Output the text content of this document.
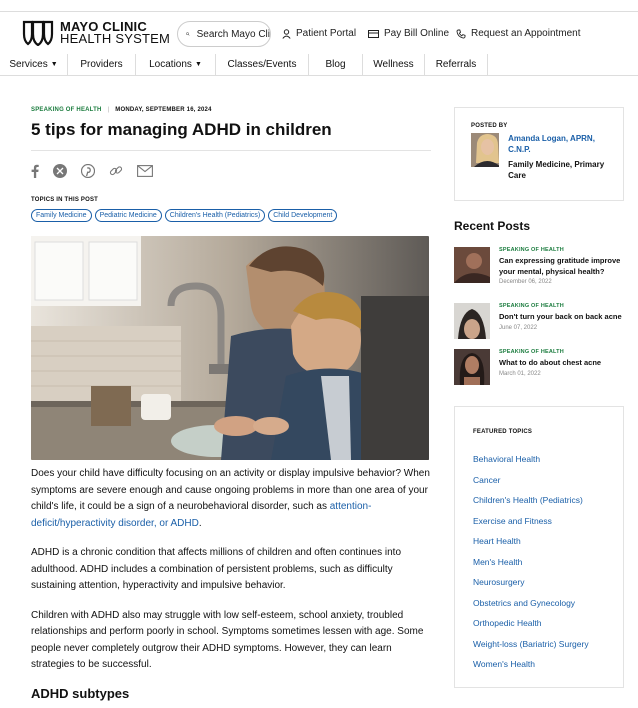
MAYO CLINIC
HEALTH SYSTEM	Search Mayo Cli	Patient Portal	Pay Bill Online Request an Appointment
Services ▼ Providers	Locations ▼	Classes/Events	Blog	Wellness Referrals
SPEAKING OF HEALTH | MONDAY, SEPTEMBER 16, 2024
5 tips for managing ADHD in children
TOPICS IN THIS POST
Family Medicine	Pediatric Medicine	Children's Health (Pediatrics)	Child Development

Does your child have difficulty focusing on an activity or display impulsive behavior? When symptoms are severe enough and cause ongoing problems in more than one area of your child's life, it could be a sign of a neurobehavioral disorder, such as attention-deficit/hyperactivity disorder, or ADHD.

ADHD is a chronic condition that affects millions of children and often continues into adulthood. ADHD includes a combination of persistent problems, such as difficulty sustaining attention, hyperactivity and impulsive behavior.

Children with ADHD also may struggle with low self-esteem, school anxiety, troubled relationships and perform poorly in school. Symptoms sometimes lessen with age. Some people never completely outgrow their ADHD symptoms. However, they can learn strategies to be successful.

ADHD subtypes
POSTED BY
Amanda Logan, APRN, C.N.P.
Family Medicine, Primary Care
Recent Posts
SPEAKING OF HEALTH
Can expressing gratitude improve your mental, physical health?
December 06, 2022
SPEAKING OF HEALTH
Don't turn your back on back acne
June 07, 2022
SPEAKING OF HEALTH
What to do about chest acne
March 01, 2022
FEATURED TOPICS
Behavioral Health
Cancer
Children's Health (Pediatrics)
Exercise and Fitness
Heart Health
Men's Health
Neurosurgery
Obstetrics and Gynecology
Orthopedic Health
Weight-loss (Bariatric) Surgery
Women's Health
